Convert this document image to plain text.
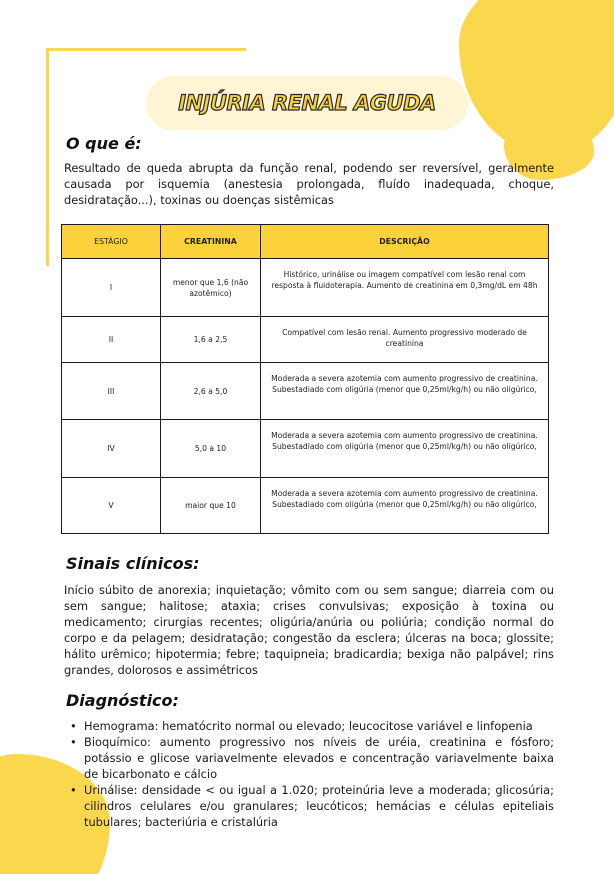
INJÚRIA RENAL AGUDA
O que é:

Resultado de queda abrupta da função renal, podendo ser reversível, geralmente causada por isquemia (anestesia prolongada, fluído inadequada, choque, desidratação...), toxinas ou doenças sistêmicas

ESTÁGIO	CREATININA	DESCRIÇÃO
I	menor que 1,6 (não azotêmico)	Histórico, urinálise ou imagem compatível com lesão renal com resposta à fluidoterapia. Aumento de creatinina em 0,3mg/dL em 48h
II	1,6 a 2,5	Compatível com lesão renal. Aumento progressivo moderado de creatinina
III	2,6 a 5,0	Moderada a severa azotemia com aumento progressivo de creatinina. Subestadiado com oligúria (menor que 0,25ml/kg/h) ou não oligúrico,
IV	5,0 a 10	Moderada a severa azotemia com aumento progressivo de creatinina. Subestadiado com oligúria (menor que 0,25ml/kg/h) ou não oligúrico,
V	maior que 10	Moderada a severa azotemia com aumento progressivo de creatinina. Subestadiado com oligúria (menor que 0,25ml/kg/h) ou não oligúrico,
Sinais clínicos:

Início súbito de anorexia; inquietação; vômito com ou sem sangue; diarreia com ou sem sangue; halitose; ataxia; crises convulsivas; exposição à toxina ou medicamento; cirurgias recentes; oligúria/anúria ou poliúria; condição normal do corpo e da pelagem; desidratação; congestão da esclera; úlceras na boca; glossite; hálito urêmico; hipotermia; febre; taquipneia; bradicardia; bexiga não palpável; rins grandes, dolorosos e assimétricos

Diagnóstico:
• Hemograma: hematócrito normal ou elevado; leucocitose variável e linfopenia
• Bioquímico: aumento progressivo nos níveis de uréia, creatinina e fósforo; potássio e glicose variavelmente elevados e concentração variavelmente baixa de bicarbonato e cálcio
• Urinálise: densidade < ou igual a 1.020; proteinúria leve a moderada; glicosúria; cilindros celulares e/ou granulares; leucóticos; hemácias e células epiteliais tubulares; bacteriúria e cristalúria
